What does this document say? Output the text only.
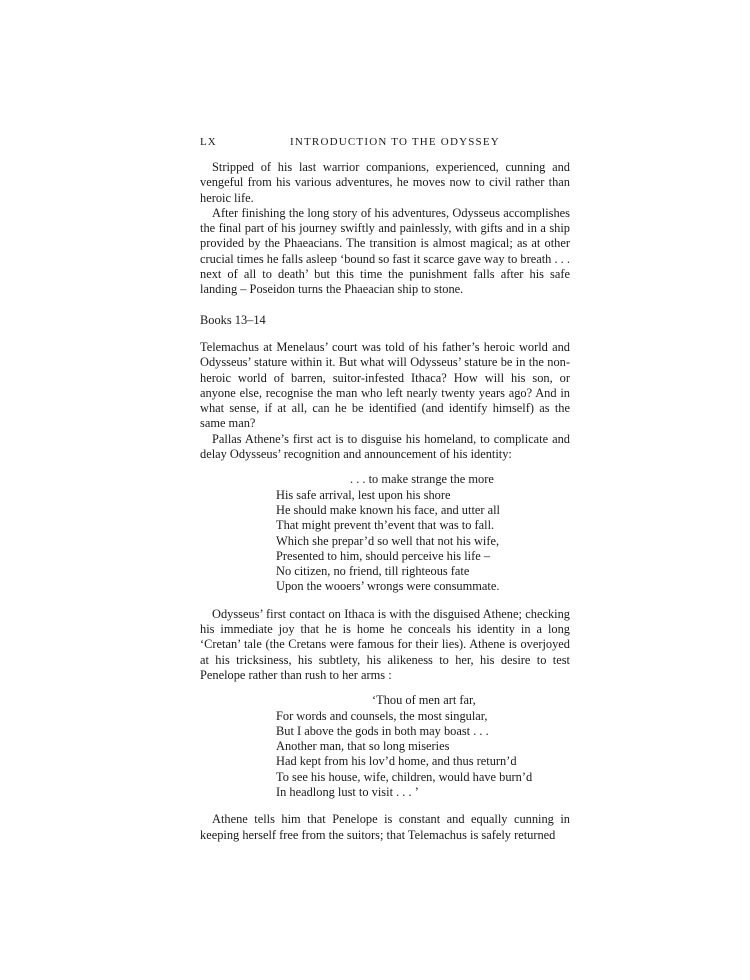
LX	INTRODUCTION TO THE ODYSSEY

Stripped of his last warrior companions, experienced, cunning and vengeful from his various adventures, he moves now to civil rather than heroic life.

After finishing the long story of his adventures, Odysseus accomplishes the final part of his journey swiftly and painlessly, with gifts and in a ship provided by the Phaeacians. The transition is almost magical; as at other crucial times he falls asleep ‘bound so fast it scarce gave way to breath . . . next of all to death’ but this time the punishment falls after his safe landing – Poseidon turns the Phaeacian ship to stone.

Books 13–14

Telemachus at Menelaus’ court was told of his father’s heroic world and Odysseus’ stature within it. But what will Odysseus’ stature be in the non-heroic world of barren, suitor-infested Ithaca? How will his son, or anyone else, recognise the man who left nearly twenty years ago? And in what sense, if at all, can he be identified (and identify himself) as the same man?

Pallas Athene’s first act is to disguise his homeland, to complicate and delay Odysseus’ recognition and announcement of his identity:

. . . to make strange the more
His safe arrival, lest upon his shore
He should make known his face, and utter all
That might prevent th’event that was to fall.
Which she prepar’d so well that not his wife,
Presented to him, should perceive his life –
No citizen, no friend, till righteous fate
Upon the wooers’ wrongs were consummate.

Odysseus’ first contact on Ithaca is with the disguised Athene; checking his immediate joy that he is home he conceals his identity in a long ‘Cretan’ tale (the Cretans were famous for their lies). Athene is overjoyed at his tricksiness, his subtlety, his alikeness to her, his desire to test Penelope rather than rush to her arms :

‘Thou of men art far,
For words and counsels, the most singular,
But I above the gods in both may boast . . .
Another man, that so long miseries
Had kept from his lov’d home, and thus return’d
To see his house, wife, children, would have burn’d
In headlong lust to visit . . . ’

Athene tells him that Penelope is constant and equally cunning in keeping herself free from the suitors; that Telemachus is safely returned
